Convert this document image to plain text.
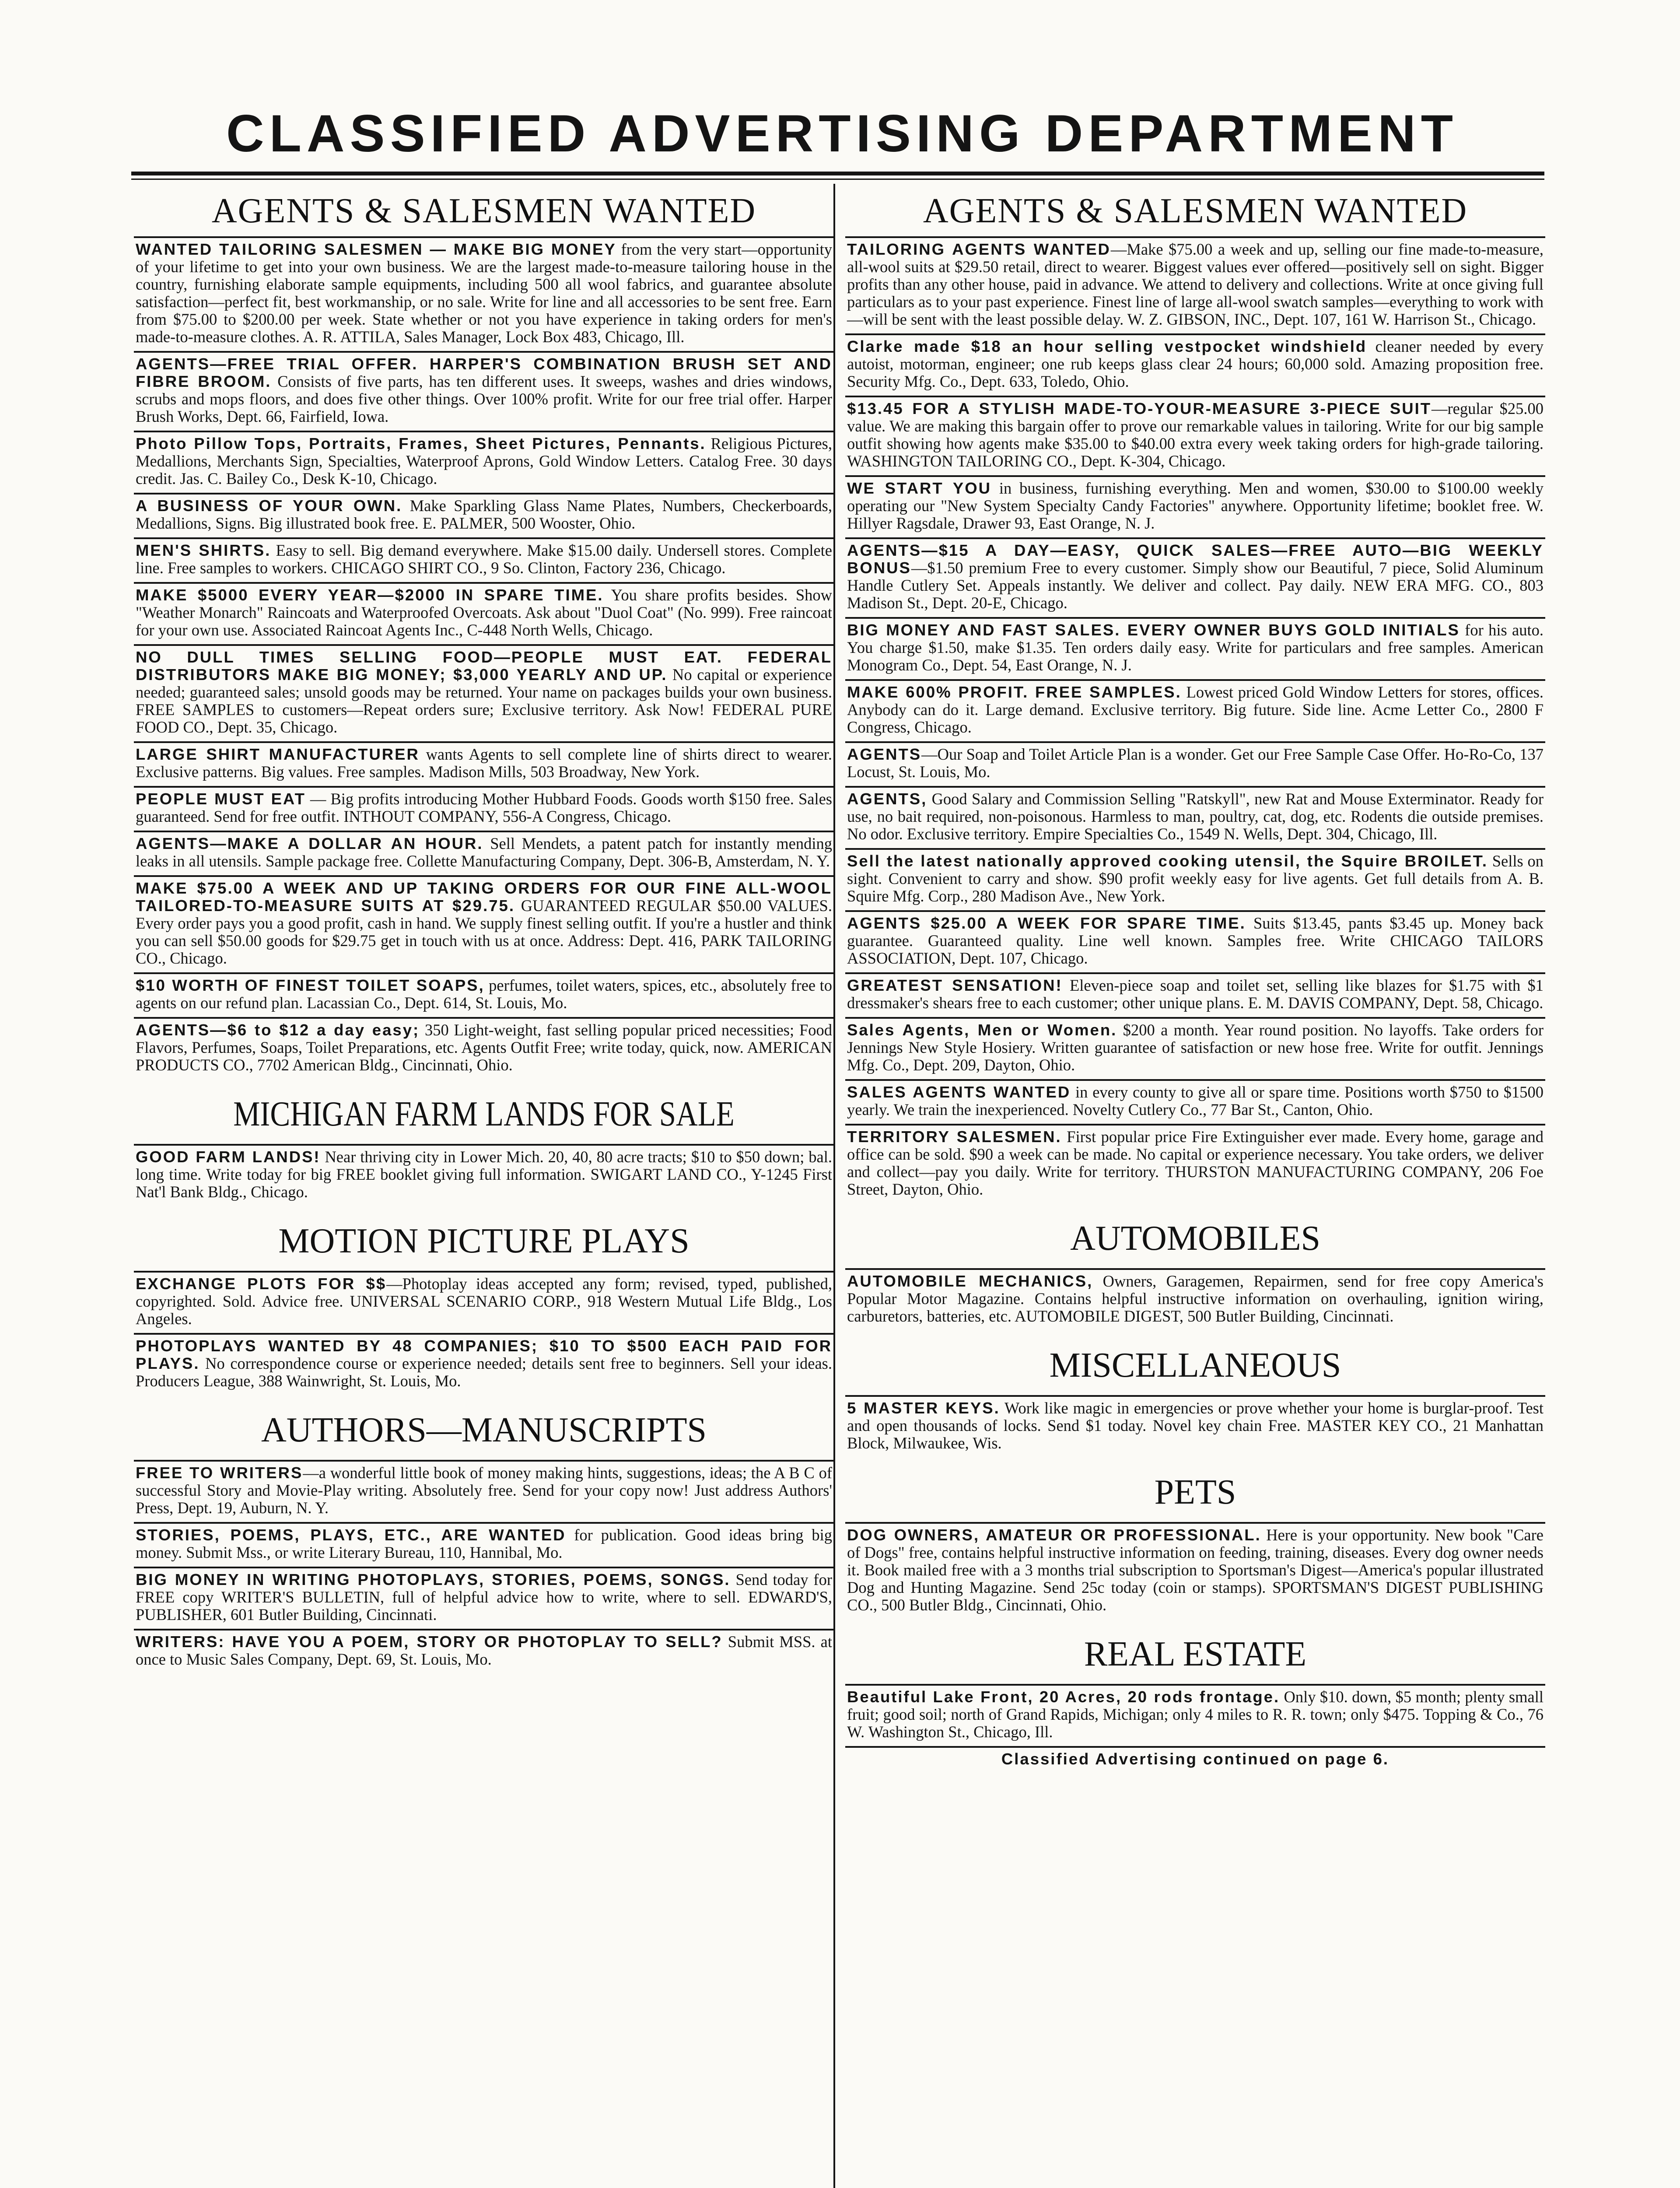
CLASSIFIED ADVERTISING DEPARTMENT
AGENTS & SALESMEN WANTED
WANTED TAILORING SALESMEN — MAKE BIG MONEY from the very start—opportunity of your lifetime to get into your own business. We are the largest made-to-measure tailoring house in the country, furnishing elaborate sample equipments, including 500 all wool fabrics, and guarantee absolute satisfaction—perfect fit, best workmanship, or no sale. Write for line and all accessories to be sent free. Earn from $75.00 to $200.00 per week. State whether or not you have experience in taking orders for men's made-to-measure clothes. A. R. ATTILA, Sales Manager, Lock Box 483, Chicago, Ill.
AGENTS—FREE TRIAL OFFER. HARPER'S COMBINATION BRUSH SET AND FIBRE BROOM. Consists of five parts, has ten different uses. It sweeps, washes and dries windows, scrubs and mops floors, and does five other things. Over 100% profit. Write for our free trial offer. Harper Brush Works, Dept. 66, Fairfield, Iowa.
Photo Pillow Tops, Portraits, Frames, Sheet Pictures, Pennants. Religious Pictures, Medallions, Merchants Sign, Specialties, Waterproof Aprons, Gold Window Letters. Catalog Free. 30 days credit. Jas. C. Bailey Co., Desk K-10, Chicago.
A BUSINESS OF YOUR OWN. Make Sparkling Glass Name Plates, Numbers, Checkerboards, Medallions, Signs. Big illustrated book free. E. PALMER, 500 Wooster, Ohio.
MEN'S SHIRTS. Easy to sell. Big demand everywhere. Make $15.00 daily. Undersell stores. Complete line. Free samples to workers. CHICAGO SHIRT CO., 9 So. Clinton, Factory 236, Chicago.
MAKE $5000 EVERY YEAR—$2000 IN SPARE TIME. You share profits besides. Show "Weather Monarch" Raincoats and Waterproofed Overcoats. Ask about "Duol Coat" (No. 999). Free raincoat for your own use. Associated Raincoat Agents Inc., C-448 North Wells, Chicago.
NO DULL TIMES SELLING FOOD—PEOPLE MUST EAT. FEDERAL DISTRIBUTORS MAKE BIG MONEY; $3,000 YEARLY AND UP. No capital or experience needed; guaranteed sales; unsold goods may be returned. Your name on packages builds your own business. FREE SAMPLES to customers—Repeat orders sure; Exclusive territory. Ask Now! FEDERAL PURE FOOD CO., Dept. 35, Chicago.
LARGE SHIRT MANUFACTURER wants Agents to sell complete line of shirts direct to wearer. Exclusive patterns. Big values. Free samples. Madison Mills, 503 Broadway, New York.
PEOPLE MUST EAT — Big profits introducing Mother Hubbard Foods. Goods worth $150 free. Sales guaranteed. Send for free outfit. INTHOUT COMPANY, 556-A Congress, Chicago.
AGENTS—MAKE A DOLLAR AN HOUR. Sell Mendets, a patent patch for instantly mending leaks in all utensils. Sample package free. Collette Manufacturing Company, Dept. 306-B, Amsterdam, N. Y.
MAKE $75.00 A WEEK AND UP TAKING ORDERS FOR OUR FINE ALL-WOOL TAILORED-TO-MEASURE SUITS AT $29.75. GUARANTEED REGULAR $50.00 VALUES. Every order pays you a good profit, cash in hand. We supply finest selling outfit. If you're a hustler and think you can sell $50.00 goods for $29.75 get in touch with us at once. Address: Dept. 416, PARK TAILORING CO., Chicago.
$10 WORTH OF FINEST TOILET SOAPS, perfumes, toilet waters, spices, etc., absolutely free to agents on our refund plan. Lacassian Co., Dept. 614, St. Louis, Mo.
AGENTS—$6 to $12 a day easy; 350 Light-weight, fast selling popular priced necessities; Food Flavors, Perfumes, Soaps, Toilet Preparations, etc. Agents Outfit Free; write today, quick, now. AMERICAN PRODUCTS CO., 7702 American Bldg., Cincinnati, Ohio.
MICHIGAN FARM LANDS FOR SALE
GOOD FARM LANDS! Near thriving city in Lower Mich. 20, 40, 80 acre tracts; $10 to $50 down; bal. long time. Write today for big FREE booklet giving full information. SWIGART LAND CO., Y-1245 First Nat'l Bank Bldg., Chicago.
MOTION PICTURE PLAYS
EXCHANGE PLOTS FOR $$—Photoplay ideas accepted any form; revised, typed, published, copyrighted. Sold. Advice free. UNIVERSAL SCENARIO CORP., 918 Western Mutual Life Bldg., Los Angeles.
PHOTOPLAYS WANTED BY 48 COMPANIES; $10 TO $500 EACH PAID FOR PLAYS. No correspondence course or experience needed; details sent free to beginners. Sell your ideas. Producers League, 388 Wainwright, St. Louis, Mo.
AUTHORS—MANUSCRIPTS
FREE TO WRITERS—a wonderful little book of money making hints, suggestions, ideas; the A B C of successful Story and Movie-Play writing. Absolutely free. Send for your copy now! Just address Authors' Press, Dept. 19, Auburn, N. Y.
STORIES, POEMS, PLAYS, ETC., ARE WANTED for publication. Good ideas bring big money. Submit Mss., or write Literary Bureau, 110, Hannibal, Mo.
BIG MONEY IN WRITING PHOTOPLAYS, STORIES, POEMS, SONGS. Send today for FREE copy WRITER'S BULLETIN, full of helpful advice how to write, where to sell. EDWARD'S, PUBLISHER, 601 Butler Building, Cincinnati.
WRITERS: HAVE YOU A POEM, STORY OR PHOTOPLAY TO SELL? Submit MSS. at once to Music Sales Company, Dept. 69, St. Louis, Mo.
AGENTS & SALESMEN WANTED
TAILORING AGENTS WANTED—Make $75.00 a week and up, selling our fine made-to-measure, all-wool suits at $29.50 retail, direct to wearer. Biggest values ever offered—positively sell on sight. Bigger profits than any other house, paid in advance. We attend to delivery and collections. Write at once giving full particulars as to your past experience. Finest line of large all-wool swatch samples—everything to work with—will be sent with the least possible delay. W. Z. GIBSON, INC., Dept. 107, 161 W. Harrison St., Chicago.
Clarke made $18 an hour selling vestpocket windshield cleaner needed by every autoist, motorman, engineer; one rub keeps glass clear 24 hours; 60,000 sold. Amazing proposition free. Security Mfg. Co., Dept. 633, Toledo, Ohio.
$13.45 FOR A STYLISH MADE-TO-YOUR-MEASURE 3-PIECE SUIT—regular $25.00 value. We are making this bargain offer to prove our remarkable values in tailoring. Write for our big sample outfit showing how agents make $35.00 to $40.00 extra every week taking orders for high-grade tailoring. WASHINGTON TAILORING CO., Dept. K-304, Chicago.
WE START YOU in business, furnishing everything. Men and women, $30.00 to $100.00 weekly operating our "New System Specialty Candy Factories" anywhere. Opportunity lifetime; booklet free. W. Hillyer Ragsdale, Drawer 93, East Orange, N. J.
AGENTS—$15 A DAY—EASY, QUICK SALES—FREE AUTO—BIG WEEKLY BONUS—$1.50 premium Free to every customer. Simply show our Beautiful, 7 piece, Solid Aluminum Handle Cutlery Set. Appeals instantly. We deliver and collect. Pay daily. NEW ERA MFG. CO., 803 Madison St., Dept. 20-E, Chicago.
BIG MONEY AND FAST SALES. EVERY OWNER BUYS GOLD INITIALS for his auto. You charge $1.50, make $1.35. Ten orders daily easy. Write for particulars and free samples. American Monogram Co., Dept. 54, East Orange, N. J.
MAKE 600% PROFIT. FREE SAMPLES. Lowest priced Gold Window Letters for stores, offices. Anybody can do it. Large demand. Exclusive territory. Big future. Side line. Acme Letter Co., 2800 F Congress, Chicago.
AGENTS—Our Soap and Toilet Article Plan is a wonder. Get our Free Sample Case Offer. Ho-Ro-Co, 137 Locust, St. Louis, Mo.
AGENTS, Good Salary and Commission Selling "Ratskyll", new Rat and Mouse Exterminator. Ready for use, no bait required, non-poisonous. Harmless to man, poultry, cat, dog, etc. Rodents die outside premises. No odor. Exclusive territory. Empire Specialties Co., 1549 N. Wells, Dept. 304, Chicago, Ill.
Sell the latest nationally approved cooking utensil, the Squire BROILET. Sells on sight. Convenient to carry and show. $90 profit weekly easy for live agents. Get full details from A. B. Squire Mfg. Corp., 280 Madison Ave., New York.
AGENTS $25.00 A WEEK FOR SPARE TIME. Suits $13.45, pants $3.45 up. Money back guarantee. Guaranteed quality. Line well known. Samples free. Write CHICAGO TAILORS ASSOCIATION, Dept. 107, Chicago.
GREATEST SENSATION! Eleven-piece soap and toilet set, selling like blazes for $1.75 with $1 dressmaker's shears free to each customer; other unique plans. E. M. DAVIS COMPANY, Dept. 58, Chicago.
Sales Agents, Men or Women. $200 a month. Year round position. No layoffs. Take orders for Jennings New Style Hosiery. Written guarantee of satisfaction or new hose free. Write for outfit. Jennings Mfg. Co., Dept. 209, Dayton, Ohio.
SALES AGENTS WANTED in every county to give all or spare time. Positions worth $750 to $1500 yearly. We train the inexperienced. Novelty Cutlery Co., 77 Bar St., Canton, Ohio.
TERRITORY SALESMEN. First popular price Fire Extinguisher ever made. Every home, garage and office can be sold. $90 a week can be made. No capital or experience necessary. You take orders, we deliver and collect—pay you daily. Write for territory. THURSTON MANUFACTURING COMPANY, 206 Foe Street, Dayton, Ohio.
AUTOMOBILES
AUTOMOBILE MECHANICS, Owners, Garagemen, Repairmen, send for free copy America's Popular Motor Magazine. Contains helpful instructive information on overhauling, ignition wiring, carburetors, batteries, etc. AUTOMOBILE DIGEST, 500 Butler Building, Cincinnati.
MISCELLANEOUS
5 MASTER KEYS. Work like magic in emergencies or prove whether your home is burglar-proof. Test and open thousands of locks. Send $1 today. Novel key chain Free. MASTER KEY CO., 21 Manhattan Block, Milwaukee, Wis.
PETS
DOG OWNERS, AMATEUR OR PROFESSIONAL. Here is your opportunity. New book "Care of Dogs" free, contains helpful instructive information on feeding, training, diseases. Every dog owner needs it. Book mailed free with a 3 months trial subscription to Sportsman's Digest—America's popular illustrated Dog and Hunting Magazine. Send 25c today (coin or stamps). SPORTSMAN'S DIGEST PUBLISHING CO., 500 Butler Bldg., Cincinnati, Ohio.
REAL ESTATE
Beautiful Lake Front, 20 Acres, 20 rods frontage. Only $10. down, $5 month; plenty small fruit; good soil; north of Grand Rapids, Michigan; only 4 miles to R. R. town; only $475. Topping & Co., 76 W. Washington St., Chicago, Ill.
Classified Advertising continued on page 6.
